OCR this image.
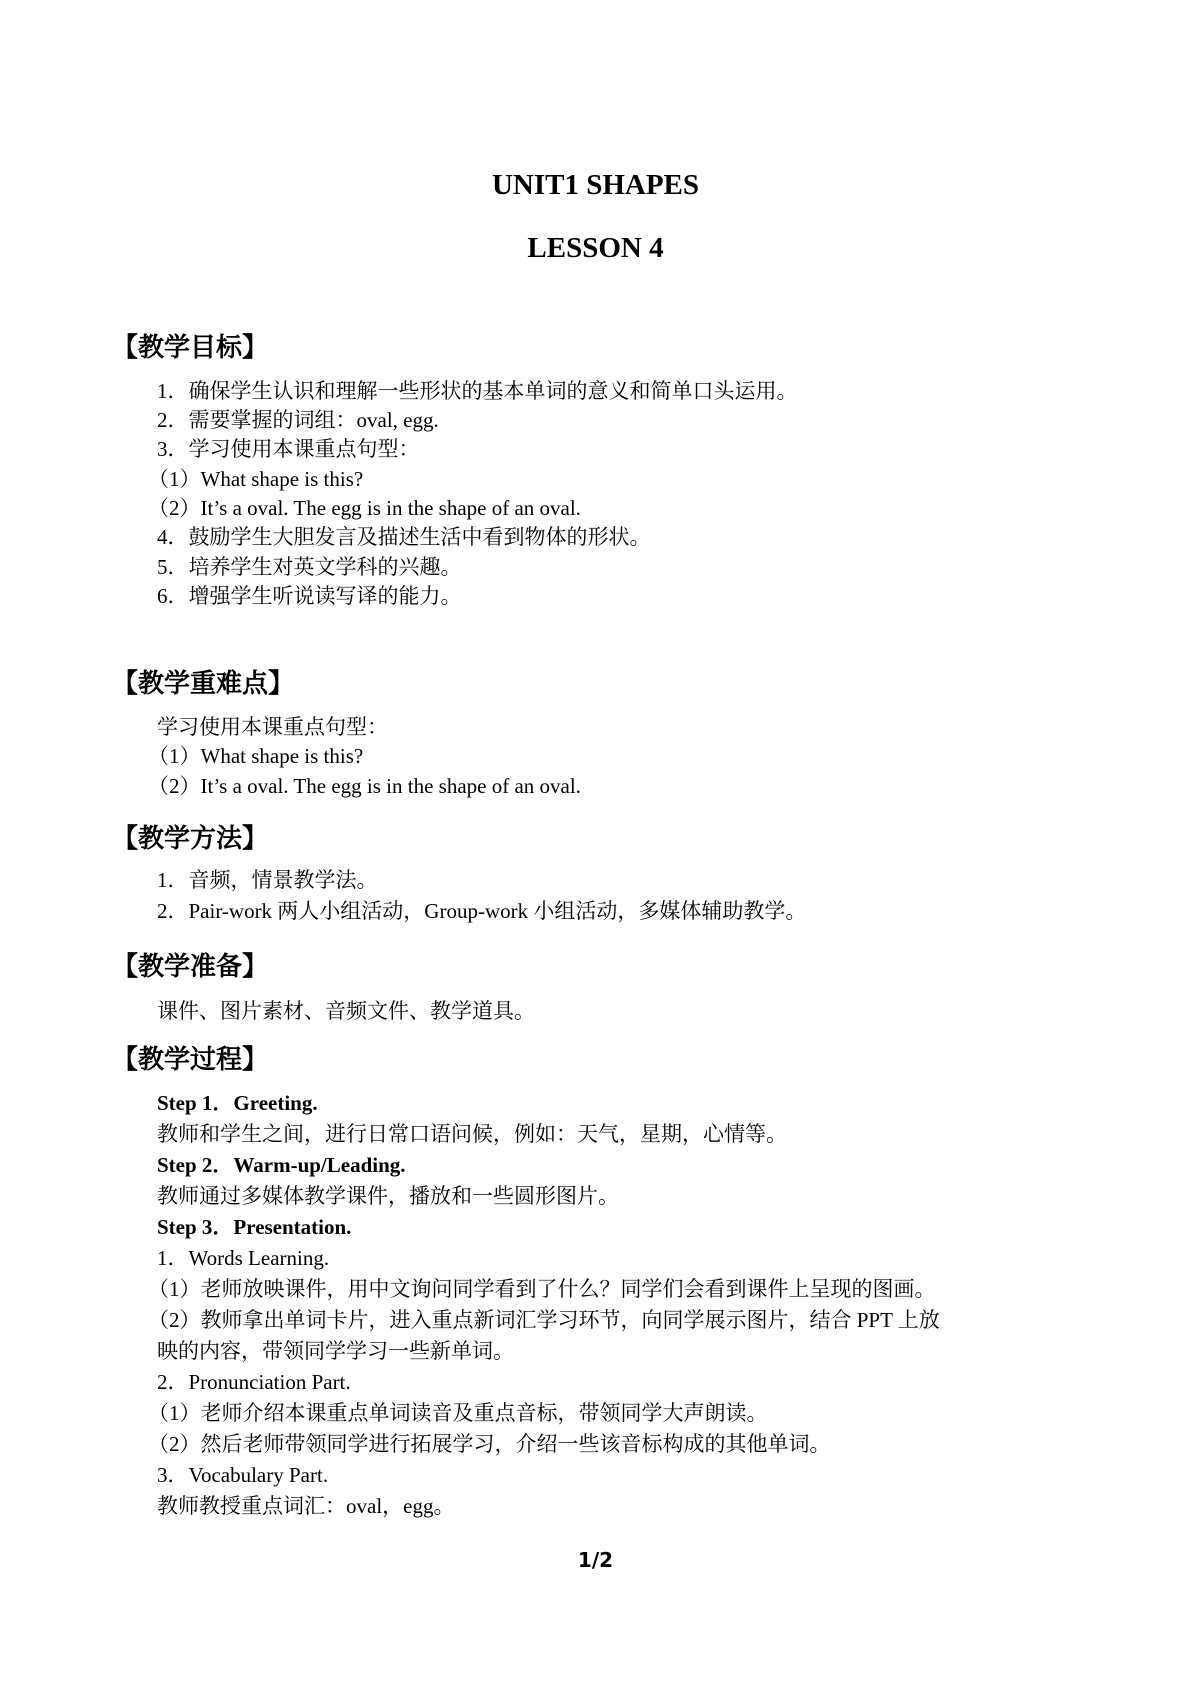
UNIT1 SHAPES
LESSON 4
【教学目标】
1．确保学生认识和理解一些形状的基本单词的意义和简单口头运用。
2．需要掌握的词组：oval, egg.
3．学习使用本课重点句型：
（1）What shape is this?
（2）It’s a oval. The egg is in the shape of an oval.
4．鼓励学生大胆发言及描述生活中看到物体的形状。
5．培养学生对英文学科的兴趣。
6．增强学生听说读写译的能力。
【教学重难点】
学习使用本课重点句型：
（1）What shape is this?
（2）It’s a oval. The egg is in the shape of an oval.
【教学方法】
1．音频，情景教学法。
2．Pair-work 两人小组活动，Group-work 小组活动，多媒体辅助教学。
【教学准备】
课件、图片素材、音频文件、教学道具。
【教学过程】
Step 1．Greeting.
教师和学生之间，进行日常口语问候，例如：天气，星期，心情等。
Step 2．Warm-up/Leading.
教师通过多媒体教学课件，播放和一些圆形图片。
Step 3．Presentation.
1．Words Learning.
（1）老师放映课件，用中文询问同学看到了什么？同学们会看到课件上呈现的图画。
（2）教师拿出单词卡片，进入重点新词汇学习环节，向同学展示图片，结合 PPT 上放
映的内容，带领同学学习一些新单词。
2．Pronunciation Part.
（1）老师介绍本课重点单词读音及重点音标，带领同学大声朗读。
（2）然后老师带领同学进行拓展学习，介绍一些该音标构成的其他单词。
3．Vocabulary Part.
教师教授重点词汇：oval，egg。
1/2
